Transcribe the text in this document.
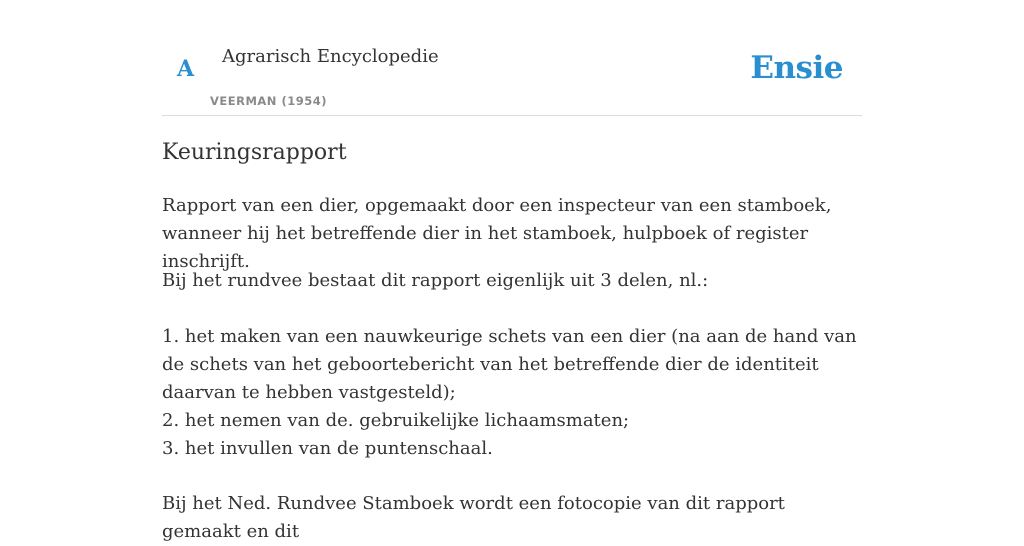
A Agrarisch Encyclopedie
VEERMAN (1954)
Ensie
Keuringsrapport

Rapport van een dier, opgemaakt door een inspecteur van een stamboek, wanneer hij het betreffende dier in het stamboek, hulpboek of register inschrijft.

Bij het rundvee bestaat dit rapport eigenlijk uit 3 delen, nl.:

1. het maken van een nauwkeurige schets van een dier (na aan de hand van de schets van het geboortebericht van het betreffende dier de identiteit daarvan te hebben vastgesteld);
2. het nemen van de. gebruikelijke lichaamsmaten;
3. het invullen van de puntenschaal.

Bij het Ned. Rundvee Stamboek wordt een fotocopie van dit rapport gemaakt en dit
